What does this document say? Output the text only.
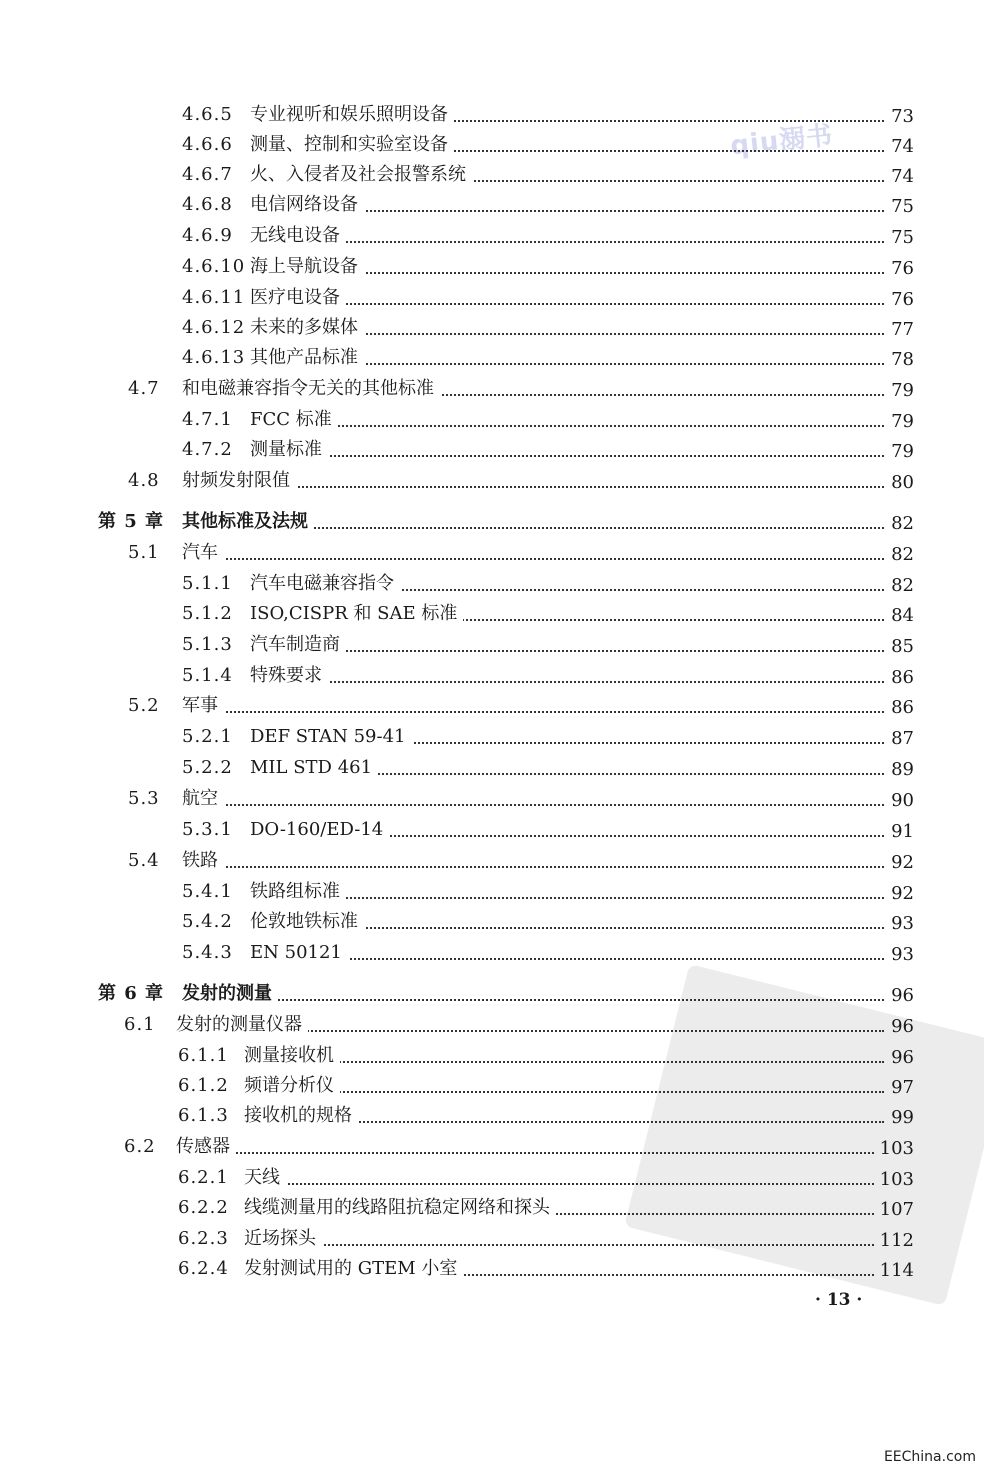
qiu溺书
4.6.5 专业视听和娱乐照明设备	73
4.6.6 测量、控制和实验室设备	74
4.6.7 火、入侵者及社会报警系统	74
4.6.8 电信网络设备	75
4.6.9 无线电设备	75
4.6.10 海上导航设备	76
4.6.11 医疗电设备	76
4.6.12 未来的多媒体	77
4.6.13 其他产品标准	78
4.7 和电磁兼容指令无关的其他标准	79
4.7.1 FCC 标准	79
4.7.2 测量标准	79
4.8 射频发射限值	80
第 5 章 其他标准及法规	82
5.1 汽车	82
5.1.1 汽车电磁兼容指令	82
5.1.2 ISO,CISPR 和 SAE 标准	84
5.1.3 汽车制造商	85
5.1.4 特殊要求	86
5.2 军事	86
5.2.1 DEF STAN 59-41	87
5.2.2 MIL STD 461	89
5.3 航空	90
5.3.1 DO-160/ED-14	91
5.4 铁路	92
5.4.1 铁路组标准	92
5.4.2 伦敦地铁标准	93
5.4.3 EN 50121	93
第 6 章 发射的测量	96
6.1 发射的测量仪器	96
6.1.1 测量接收机	96
6.1.2 频谱分析仪	97
6.1.3 接收机的规格	99
6.2 传感器	103
6.2.1 天线	103
6.2.2 线缆测量用的线路阻抗稳定网络和探头	107
6.2.3 近场探头	112
6.2.4 发射测试用的 GTEM 小室	114
· 13 ·
EEChina.com
